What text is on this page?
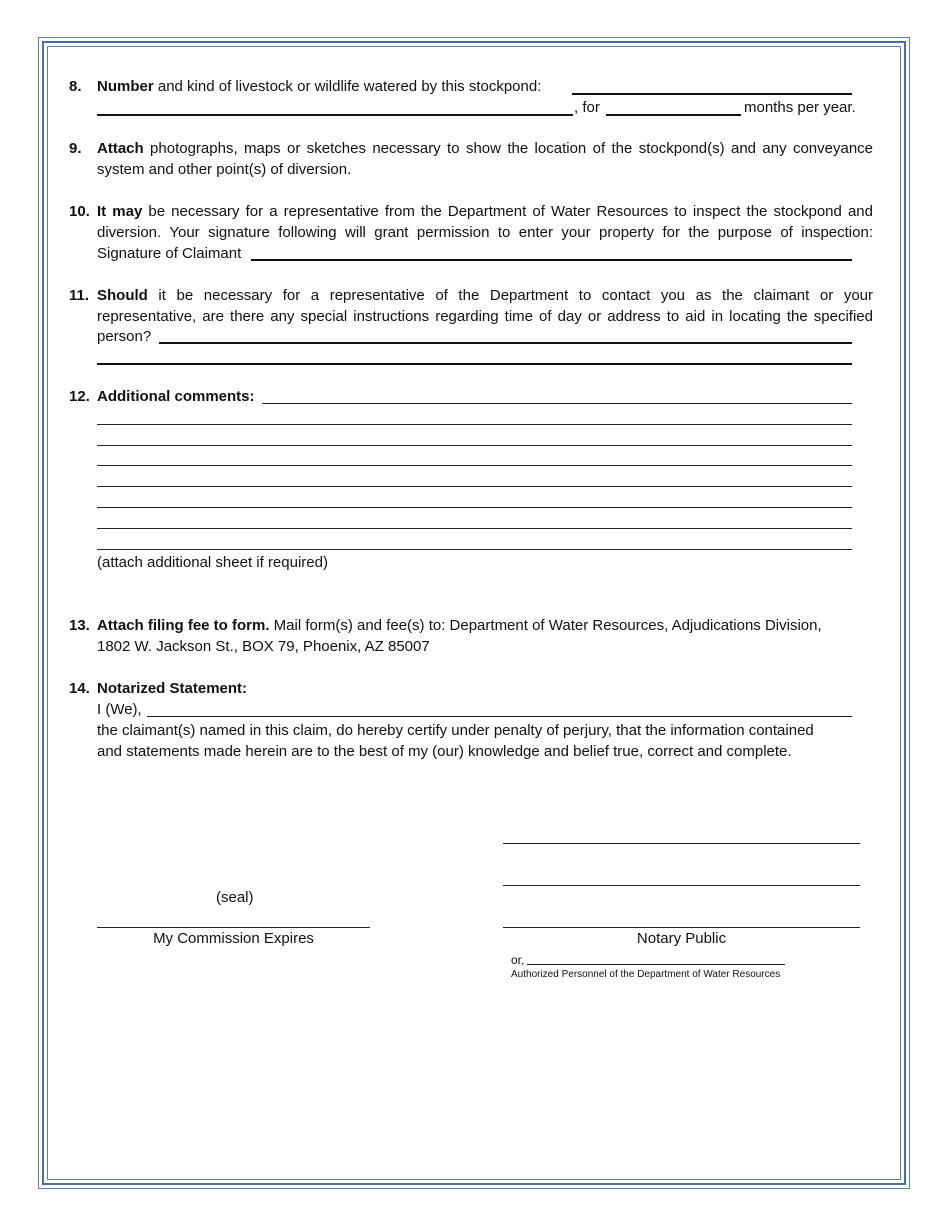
8. Number and kind of livestock or wildlife watered by this stockpond:
, for	months per year.
9. Attach photographs, maps or sketches necessary to show the location of the stockpond(s) and any conveyance
system and other point(s) of diversion.
10. It may be necessary for a representative from the Department of Water Resources to inspect the stockpond and
diversion. Your signature following will grant permission to enter your property for the purpose of inspection:
Signature of Claimant
11. Should it be necessary for a representative of the Department to contact you as the claimant or your
representative, are there any special instructions regarding time of day or address to aid in locating the specified
person?
12. Additional comments:
(attach additional sheet if required)
13. Attach filing fee to form. Mail form(s) and fee(s) to: Department of Water Resources, Adjudications Division,
1802 W. Jackson St., BOX 79, Phoenix, AZ 85007
14. Notarized Statement:
I (We),
the claimant(s) named in this claim, do hereby certify under penalty of perjury, that the information contained
and statements made herein are to the best of my (our) knowledge and belief true, correct and complete.
(seal)
My Commission Expires	Notary Public
or,
Authorized Personnel of the Department of Water Resources
